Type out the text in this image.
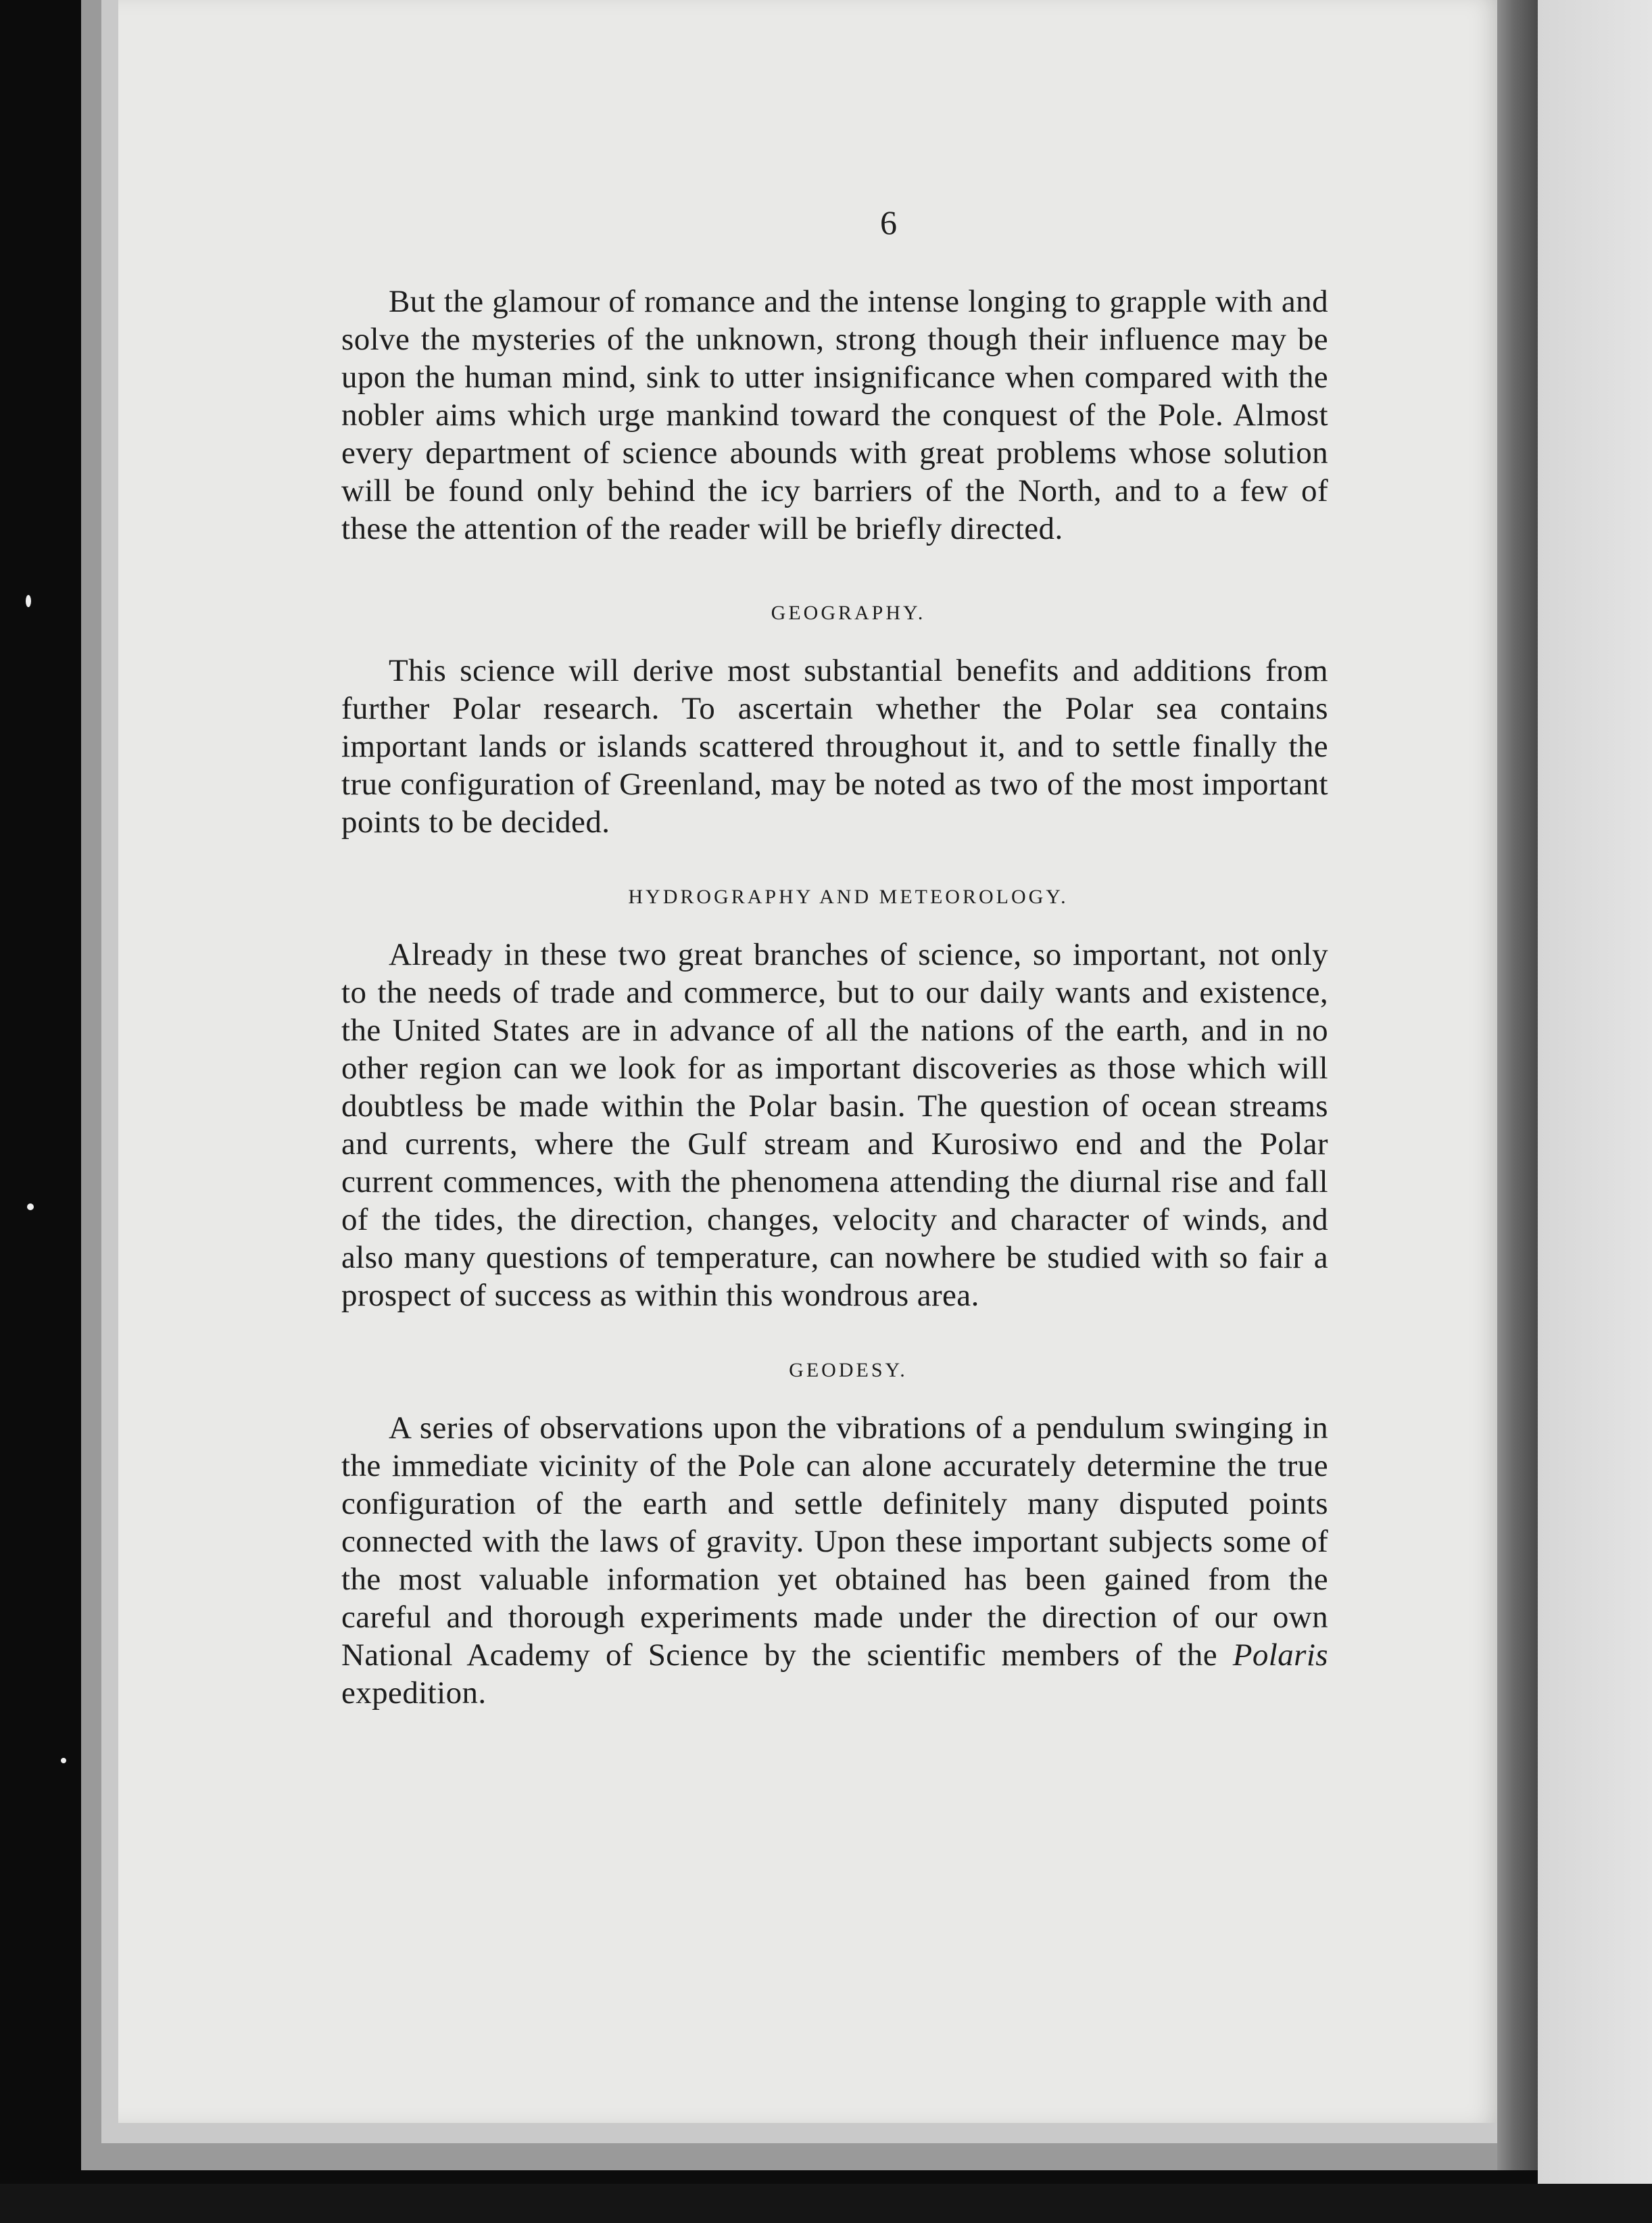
6

But the glamour of romance and the intense longing to grapple with and solve the mysteries of the unknown, strong though their influence may be upon the human mind, sink to utter insignificance when compared with the nobler aims which urge mankind toward the conquest of the Pole. Almost every department of science abounds with great problems whose solution will be found only behind the icy barriers of the North, and to a few of these the attention of the reader will be briefly directed.

GEOGRAPHY.

This science will derive most substantial benefits and additions from further Polar research. To ascertain whether the Polar sea contains important lands or islands scattered throughout it, and to settle finally the true configuration of Greenland, may be noted as two of the most important points to be decided.

HYDROGRAPHY AND METEOROLOGY.

Already in these two great branches of science, so important, not only to the needs of trade and commerce, but to our daily wants and existence, the United States are in advance of all the nations of the earth, and in no other region can we look for as important discoveries as those which will doubtless be made within the Polar basin. The question of ocean streams and currents, where the Gulf stream and Kurosiwo end and the Polar current commences, with the phenomena attending the diurnal rise and fall of the tides, the direction, changes, velocity and character of winds, and also many questions of temperature, can nowhere be studied with so fair a prospect of success as within this wondrous area.

GEODESY.

A series of observations upon the vibrations of a pendulum swinging in the immediate vicinity of the Pole can alone accurately determine the true configuration of the earth and settle definitely many disputed points connected with the laws of gravity. Upon these important subjects some of the most valuable information yet obtained has been gained from the careful and thorough experiments made under the direction of our own National Academy of Science by the scientific members of the Polaris expedition.
